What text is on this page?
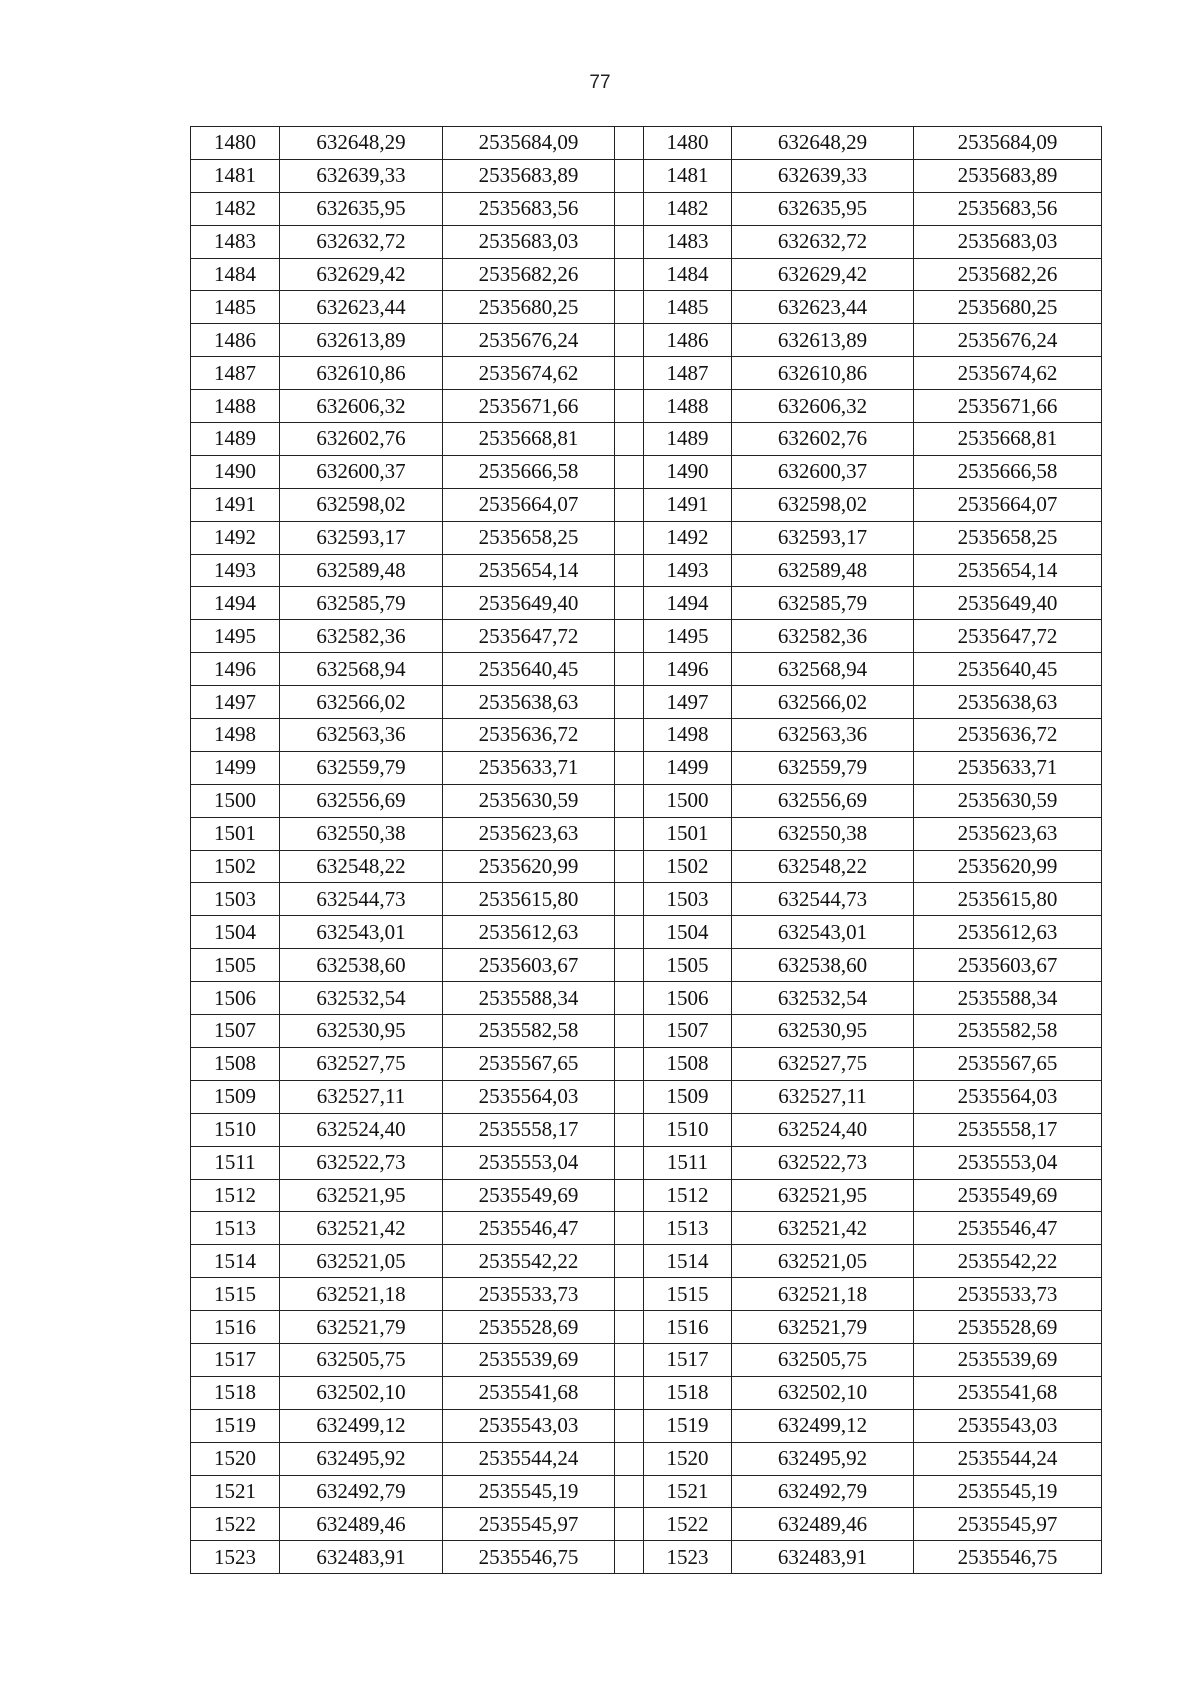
77
1480	632648,29	2535684,09		1480	632648,29	2535684,09
1481	632639,33	2535683,89		1481	632639,33	2535683,89
1482	632635,95	2535683,56		1482	632635,95	2535683,56
1483	632632,72	2535683,03		1483	632632,72	2535683,03
1484	632629,42	2535682,26		1484	632629,42	2535682,26
1485	632623,44	2535680,25		1485	632623,44	2535680,25
1486	632613,89	2535676,24		1486	632613,89	2535676,24
1487	632610,86	2535674,62		1487	632610,86	2535674,62
1488	632606,32	2535671,66		1488	632606,32	2535671,66
1489	632602,76	2535668,81		1489	632602,76	2535668,81
1490	632600,37	2535666,58		1490	632600,37	2535666,58
1491	632598,02	2535664,07		1491	632598,02	2535664,07
1492	632593,17	2535658,25		1492	632593,17	2535658,25
1493	632589,48	2535654,14		1493	632589,48	2535654,14
1494	632585,79	2535649,40		1494	632585,79	2535649,40
1495	632582,36	2535647,72		1495	632582,36	2535647,72
1496	632568,94	2535640,45		1496	632568,94	2535640,45
1497	632566,02	2535638,63		1497	632566,02	2535638,63
1498	632563,36	2535636,72		1498	632563,36	2535636,72
1499	632559,79	2535633,71		1499	632559,79	2535633,71
1500	632556,69	2535630,59		1500	632556,69	2535630,59
1501	632550,38	2535623,63		1501	632550,38	2535623,63
1502	632548,22	2535620,99		1502	632548,22	2535620,99
1503	632544,73	2535615,80		1503	632544,73	2535615,80
1504	632543,01	2535612,63		1504	632543,01	2535612,63
1505	632538,60	2535603,67		1505	632538,60	2535603,67
1506	632532,54	2535588,34		1506	632532,54	2535588,34
1507	632530,95	2535582,58		1507	632530,95	2535582,58
1508	632527,75	2535567,65		1508	632527,75	2535567,65
1509	632527,11	2535564,03		1509	632527,11	2535564,03
1510	632524,40	2535558,17		1510	632524,40	2535558,17
1511	632522,73	2535553,04		1511	632522,73	2535553,04
1512	632521,95	2535549,69		1512	632521,95	2535549,69
1513	632521,42	2535546,47		1513	632521,42	2535546,47
1514	632521,05	2535542,22		1514	632521,05	2535542,22
1515	632521,18	2535533,73		1515	632521,18	2535533,73
1516	632521,79	2535528,69		1516	632521,79	2535528,69
1517	632505,75	2535539,69		1517	632505,75	2535539,69
1518	632502,10	2535541,68		1518	632502,10	2535541,68
1519	632499,12	2535543,03		1519	632499,12	2535543,03
1520	632495,92	2535544,24		1520	632495,92	2535544,24
1521	632492,79	2535545,19		1521	632492,79	2535545,19
1522	632489,46	2535545,97		1522	632489,46	2535545,97
1523	632483,91	2535546,75		1523	632483,91	2535546,75
